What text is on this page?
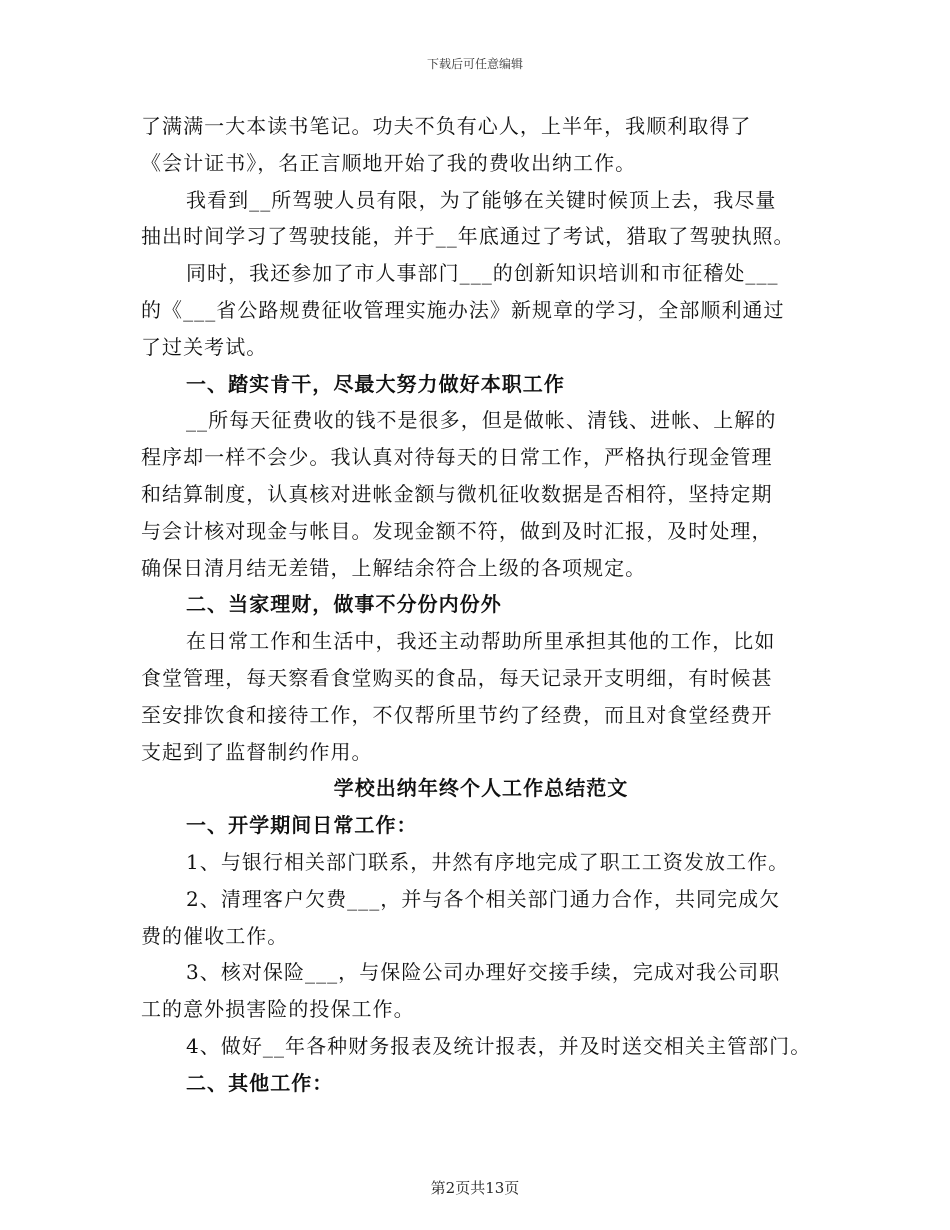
下载后可任意编辑
了满满一大本读书笔记。功夫不负有心人，上半年，我顺利取得了
《会计证书》，名正言顺地开始了我的费收出纳工作。
我看到__所驾驶人员有限，为了能够在关键时候顶上去，我尽量
抽出时间学习了驾驶技能，并于__年底通过了考试，猎取了驾驶执照。
同时，我还参加了市人事部门___的创新知识培训和市征稽处___
的《___省公路规费征收管理实施办法》新规章的学习，全部顺利通过
了过关考试。
一、踏实肯干，尽最大努力做好本职工作
__所每天征费收的钱不是很多，但是做帐、清钱、进帐、上解的
程序却一样不会少。我认真对待每天的日常工作，严格执行现金管理
和结算制度，认真核对进帐金额与微机征收数据是否相符，坚持定期
与会计核对现金与帐目。发现金额不符，做到及时汇报，及时处理，
确保日清月结无差错，上解结余符合上级的各项规定。
二、当家理财，做事不分份内份外
在日常工作和生活中，我还主动帮助所里承担其他的工作，比如
食堂管理，每天察看食堂购买的食品，每天记录开支明细，有时候甚
至安排饮食和接待工作，不仅帮所里节约了经费，而且对食堂经费开
支起到了监督制约作用。
学校出纳年终个人工作总结范文
一、开学期间日常工作：
1、与银行相关部门联系，井然有序地完成了职工工资发放工作。
2、清理客户欠费___，并与各个相关部门通力合作，共同完成欠
费的催收工作。
3、核对保险___，与保险公司办理好交接手续，完成对我公司职
工的意外损害险的投保工作。
4、做好__年各种财务报表及统计报表，并及时送交相关主管部门。
二、其他工作：
第2页共13页
